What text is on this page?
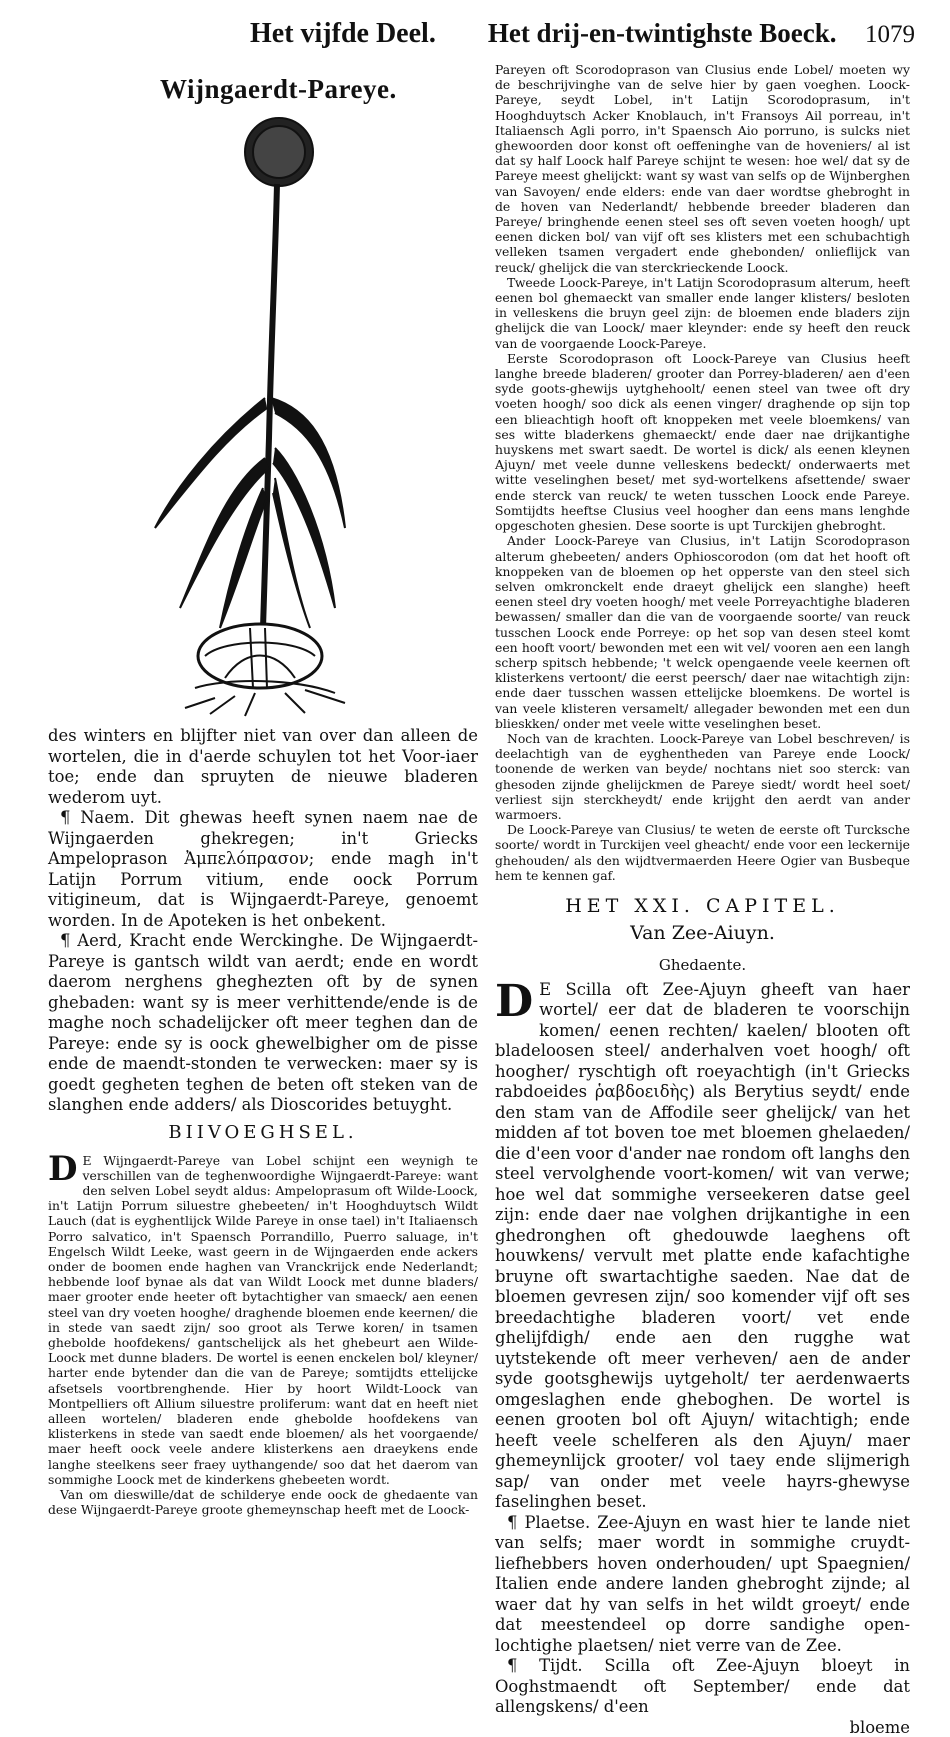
Het vijfde Deel. Het drij-en-twintighste Boeck. 1079
Wijngaerdt-Pareye.

des winters en blijfter niet van over dan alleen de wortelen, die in d'aerde schuylen tot het Voor-iaer toe; ende dan spruyten de nieuwe bladeren wederom uyt.

¶ Naem. Dit ghewas heeft synen naem nae de Wijngaerden ghekregen; in't Griecks Ampeloprason Ἀμπελόπρασον; ende magh in't Latijn Porrum vitium, ende oock Porrum vitigineum, dat is Wijngaerdt-Pareye, genoemt worden. In de Apoteken is het onbekent.

¶ Aerd, Kracht ende Werckinghe. De Wijngaerdt-Pareye is gantsch wildt van aerdt; ende en wordt daerom nerghens gheghezten oft by de synen ghebaden: want sy is meer verhittende/ende is de maghe noch schadelijcker oft meer teghen dan de Pareye: ende sy is oock ghewelbigher om de pisse ende de maendt-stonden te verwecken: maer sy is goedt gegheten teghen de beten oft steken van de slanghen ende adders/ als Dioscorides betuyght.

BIIVOEGHSEL.

D E Wijngaerdt-Pareye van Lobel schijnt een weynigh te verschillen van de teghenwoordighe Wijngaerdt-Pareye: want den selven Lobel seydt aldus: Ampeloprasum oft Wilde-Loock, in't Latijn Porrum siluestre ghebeeten/ in't Hooghduytsch Wildt Lauch (dat is eyghentlijck Wilde Pareye in onse tael) in't Italiaensch Porro salvatico, in't Spaensch Porrandillo, Puerro saluage, in't Engelsch Wildt Leeke, wast geern in de Wijngaerden ende ackers onder de boomen ende haghen van Vranckrijck ende Nederlandt; hebbende loof bynae als dat van Wildt Loock met dunne bladers/ maer grooter ende heeter oft bytachtigher van smaeck/ aen eenen steel van dry voeten hooghe/ draghende bloemen ende keernen/ die in stede van saedt zijn/ soo groot als Terwe koren/ in tsamen ghebolde hoofdekens/ gantschelijck als het ghebeurt aen Wilde-Loock met dunne bladers. De wortel is eenen enckelen bol/ kleyner/ harter ende bytender dan die van de Pareye; somtijdts ettelijcke afsetsels voortbrenghende. Hier by hoort Wildt-Loock van Montpelliers oft Allium siluestre proliferum: want dat en heeft niet alleen wortelen/ bladeren ende ghebolde hoofdekens van klisterkens in stede van saedt ende bloemen/ als het voorgaende/ maer heeft oock veele andere klisterkens aen draeykens ende langhe steelkens seer fraey uythangende/ soo dat het daerom van sommighe Loock met de kinderkens ghebeeten wordt.

Van om dieswille/dat de schilderye ende oock de ghedaente van dese Wijngaerdt-Pareye groote ghemeynschap heeft met de Loock-

Pareyen oft Scorodoprason van Clusius ende Lobel/ moeten wy de beschrijvinghe van de selve hier by gaen voeghen. Loock-Pareye, seydt Lobel, in't Latijn Scorodoprasum, in't Hooghduytsch Acker Knoblauch, in't Fransoys Ail porreau, in't Italiaensch Agli porro, in't Spaensch Aio porruno, is sulcks niet ghewoorden door konst oft oeffeninghe van de hoveniers/ al ist dat sy half Loock half Pareye schijnt te wesen: hoe wel/ dat sy de Pareye meest ghelijckt: want sy wast van selfs op de Wijnberghen van Savoyen/ ende elders: ende van daer wordtse ghebroght in de hoven van Nederlandt/ hebbende breeder bladeren dan Pareye/ bringhende eenen steel ses oft seven voeten hoogh/ upt eenen dicken bol/ van vijf oft ses klisters met een schubachtigh velleken tsamen vergadert ende ghebonden/ onlieflijck van reuck/ ghelijck die van sterckrieckende Loock.

Tweede Loock-Pareye, in't Latijn Scorodoprasum alterum, heeft eenen bol ghemaeckt van smaller ende langer klisters/ besloten in velleskens die bruyn geel zijn: de bloemen ende bladers zijn ghelijck die van Loock/ maer kleynder: ende sy heeft den reuck van de voorgaende Loock-Pareye.

Eerste Scorodoprason oft Loock-Pareye van Clusius heeft langhe breede bladeren/ grooter dan Porrey-bladeren/ aen d'een syde goots-ghewijs uytghehoolt/ eenen steel van twee oft dry voeten hoogh/ soo dick als eenen vinger/ draghende op sijn top een blieachtigh hooft oft knoppeken met veele bloemkens/ van ses witte bladerkens ghemaeckt/ ende daer nae drijkantighe huyskens met swart saedt. De wortel is dick/ als eenen kleynen Ajuyn/ met veele dunne velleskens bedeckt/ onderwaerts met witte veselinghen beset/ met syd-wortelkens afsettende/ swaer ende sterck van reuck/ te weten tusschen Loock ende Pareye. Somtijdts heeftse Clusius veel hoogher dan eens mans lenghde opgeschoten ghesien. Dese soorte is upt Turckijen ghebroght.

Ander Loock-Pareye van Clusius, in't Latijn Scorodoprason alterum ghebeeten/ anders Ophioscorodon (om dat het hooft oft knoppeken van de bloemen op het opperste van den steel sich selven omkronckelt ende draeyt ghelijck een slanghe) heeft eenen steel dry voeten hoogh/ met veele Porreyachtighe bladeren bewassen/ smaller dan die van de voorgaende soorte/ van reuck tusschen Loock ende Porreye: op het sop van desen steel komt een hooft voort/ bewonden met een wit vel/ vooren aen een langh scherp spitsch hebbende; 't welck opengaende veele keernen oft klisterkens vertoont/ die eerst peersch/ daer nae witachtigh zijn: ende daer tusschen wassen ettelijcke bloemkens. De wortel is van veele klisteren versamelt/ allegader bewonden met een dun blieskken/ onder met veele witte veselinghen beset.

Noch van de krachten. Loock-Pareye van Lobel beschreven/ is deelachtigh van de eyghentheden van Pareye ende Loock/ toonende de werken van beyde/ nochtans niet soo sterck: van ghesoden zijnde ghelijckmen de Pareye siedt/ wordt heel soet/ verliest sijn sterckheydt/ ende krijght den aerdt van ander warmoers.

De Loock-Pareye van Clusius/ te weten de eerste oft Turcksche soorte/ wordt in Turckijen veel gheacht/ ende voor een leckernije ghehouden/ als den wijdtvermaerden Heere Ogier van Busbeque hem te kennen gaf.

HET XXI. CAPITEL.

Van Zee-Aiuyn.

Ghedaente.

D E Scilla oft Zee-Ajuyn gheeft van haer wortel/ eer dat de bladeren te voorschijn komen/ eenen rechten/ kaelen/ blooten oft bladeloosen steel/ anderhalven voet hoogh/ oft hoogher/ ryschtigh oft roeyachtigh (in't Griecks rabdoeides ῥαβδοειδὴς) als Berytius seydt/ ende den stam van de Affodile seer ghelijck/ van het midden af tot boven toe met bloemen ghelaeden/ die d'een voor d'ander nae rondom oft langhs den steel vervolghende voort-komen/ wit van verwe; hoe wel dat sommighe verseekeren datse geel zijn: ende daer nae volghen drijkantighe in een ghedronghen oft ghedouwde laeghens oft houwkens/ vervult met platte ende kafachtighe bruyne oft swartachtighe saeden. Nae dat de bloemen gevresen zijn/ soo komender vijf oft ses breedachtighe bladeren voort/ vet ende ghelijfdigh/ ende aen den rugghe wat uytstekende oft meer verheven/ aen de ander syde gootsghewijs uytgeholt/ ter aerdenwaerts omgeslaghen ende gheboghen. De wortel is eenen grooten bol oft Ajuyn/ witachtigh; ende heeft veele schelferen als den Ajuyn/ maer ghemeynlijck grooter/ vol taey ende slijmerigh sap/ van onder met veele hayrs-ghewyse faselinghen beset.

¶ Plaetse. Zee-Ajuyn en wast hier te lande niet van selfs; maer wordt in sommighe cruydt-liefhebbers hoven onderhouden/ upt Spaegnien/ Italien ende andere landen ghebroght zijnde; al waer dat hy van selfs in het wildt groeyt/ ende dat meestendeel op dorre sandighe open-lochtighe plaetsen/ niet verre van de Zee.

¶ Tijdt. Scilla oft Zee-Ajuyn bloeyt in Ooghstmaendt oft September/ ende dat allengskens/ d'een

bloeme
